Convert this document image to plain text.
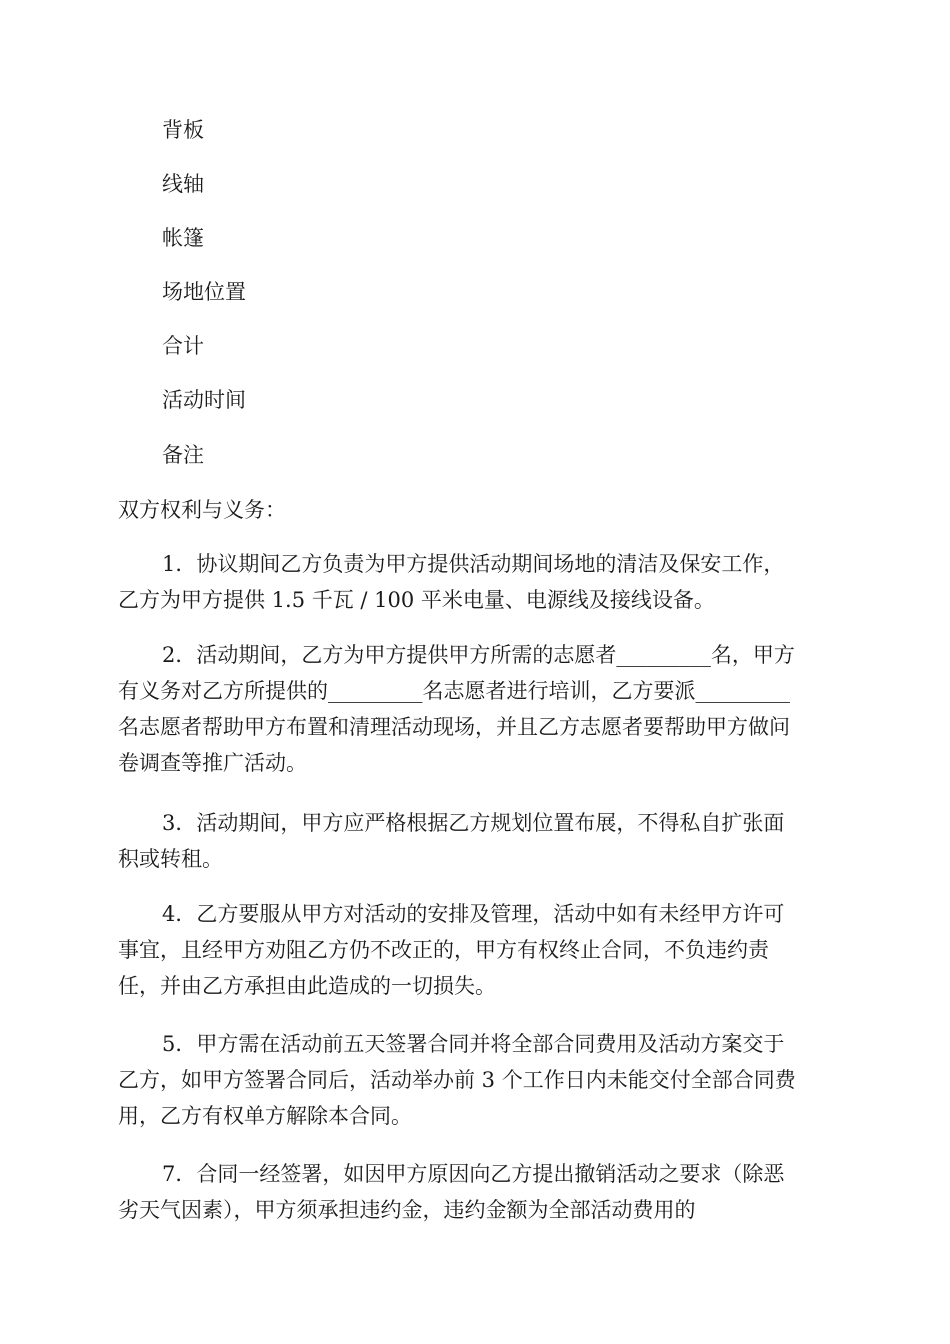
背板
线轴
帐篷
场地位置
合计
活动时间
备注
双方权利与义务：
1．协议期间乙方负责为甲方提供活动期间场地的清洁及保安工作，
乙方为甲方提供 1.5 千瓦 / 100 平米电量、电源线及接线设备。
2．活动期间，乙方为甲方提供甲方所需的志愿者_________名，甲方
有义务对乙方所提供的_________名志愿者进行培训，乙方要派_________
名志愿者帮助甲方布置和清理活动现场，并且乙方志愿者要帮助甲方做问
卷调查等推广活动。
3．活动期间，甲方应严格根据乙方规划位置布展，不得私自扩张面
积或转租。
4．乙方要服从甲方对活动的安排及管理，活动中如有未经甲方许可
事宜，且经甲方劝阻乙方仍不改正的，甲方有权终止合同，不负违约责
任，并由乙方承担由此造成的一切损失。
5．甲方需在活动前五天签署合同并将全部合同费用及活动方案交于
乙方，如甲方签署合同后，活动举办前 3 个工作日内未能交付全部合同费
用，乙方有权单方解除本合同。
7．合同一经签署，如因甲方原因向乙方提出撤销活动之要求（除恶
劣天气因素），甲方须承担违约金，违约金额为全部活动费用的
